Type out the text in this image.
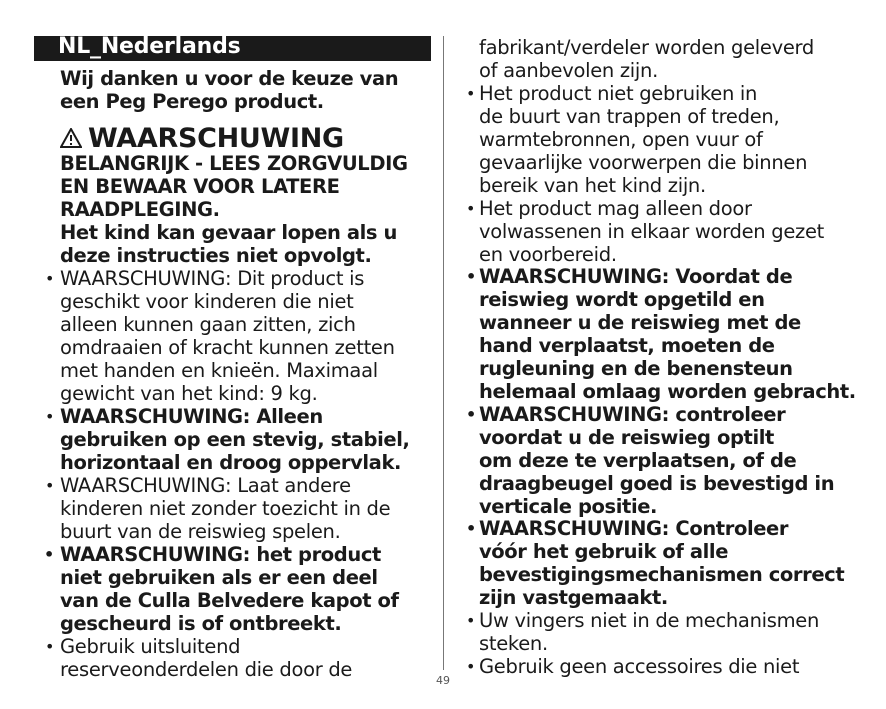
NL_Nederlands
Wij danken u voor de keuze van
een Peg Perego product.
WAARSCHUWING
BELANGRIJK - LEES ZORGVULDIG
EN BEWAAR VOOR LATERE
RAADPLEGING.
Het kind kan gevaar lopen als u
deze instructies niet opvolgt.
• WAARSCHUWING: Dit product is
geschikt voor kinderen die niet
alleen kunnen gaan zitten, zich
omdraaien of kracht kunnen zetten
met handen en knieën. Maximaal
gewicht van het kind: 9 kg.
• WAARSCHUWING: Alleen
gebruiken op een stevig, stabiel,
horizontaal en droog oppervlak.
• WAARSCHUWING: Laat andere
kinderen niet zonder toezicht in de
buurt van de reiswieg spelen.
• WAARSCHUWING: het product
niet gebruiken als er een deel
van de Culla Belvedere kapot of
gescheurd is of ontbreekt.
• Gebruik uitsluitend
reserveonderdelen die door de
fabrikant/verdeler worden geleverd
of aanbevolen zijn.
• Het product niet gebruiken in
de buurt van trappen of treden,
warmtebronnen, open vuur of
gevaarlijke voorwerpen die binnen
bereik van het kind zijn.
• Het product mag alleen door
volwassenen in elkaar worden gezet
en voorbereid.
• WAARSCHUWING: Voordat de
reiswieg wordt opgetild en
wanneer u de reiswieg met de
hand verplaatst, moeten de
rugleuning en de benensteun
helemaal omlaag worden gebracht.
• WAARSCHUWING: controleer
voordat u de reiswieg optilt
om deze te verplaatsen, of de
draagbeugel goed is bevestigd in
verticale positie.
• WAARSCHUWING: Controleer
vóór het gebruik of alle
bevestigingsmechanismen correct
zijn vastgemaakt.
• Uw vingers niet in de mechanismen
steken.
• Gebruik geen accessoires die niet
49
